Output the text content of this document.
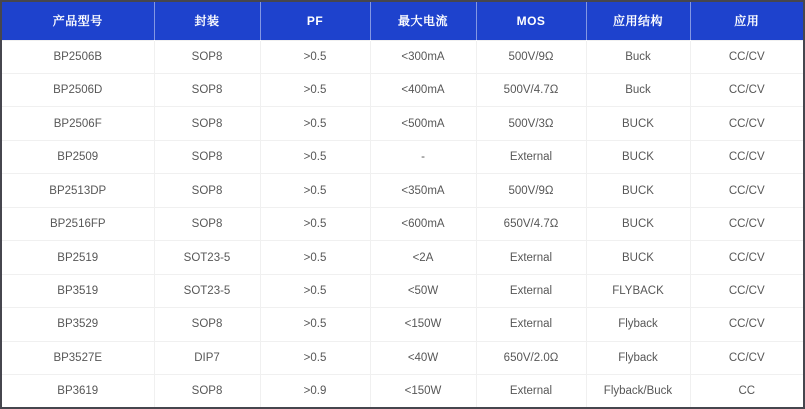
产品型号	封装	PF	最大电流	MOS	应用结构	应用
BP2506B	SOP8	>0.5	<300mA	500V/9Ω	Buck	CC/CV
BP2506D	SOP8	>0.5	<400mA	500V/4.7Ω	Buck	CC/CV
BP2506F	SOP8	>0.5	<500mA	500V/3Ω	BUCK	CC/CV
BP2509	SOP8	>0.5	-	External	BUCK	CC/CV
BP2513DP	SOP8	>0.5	<350mA	500V/9Ω	BUCK	CC/CV
BP2516FP	SOP8	>0.5	<600mA	650V/4.7Ω	BUCK	CC/CV
BP2519	SOT23-5	>0.5	<2A	External	BUCK	CC/CV
BP3519	SOT23-5	>0.5	<50W	External	FLYBACK	CC/CV
BP3529	SOP8	>0.5	<150W	External	Flyback	CC/CV
BP3527E	DIP7	>0.5	<40W	650V/2.0Ω	Flyback	CC/CV
BP3619	SOP8	>0.9	<150W	External	Flyback/Buck	CC
